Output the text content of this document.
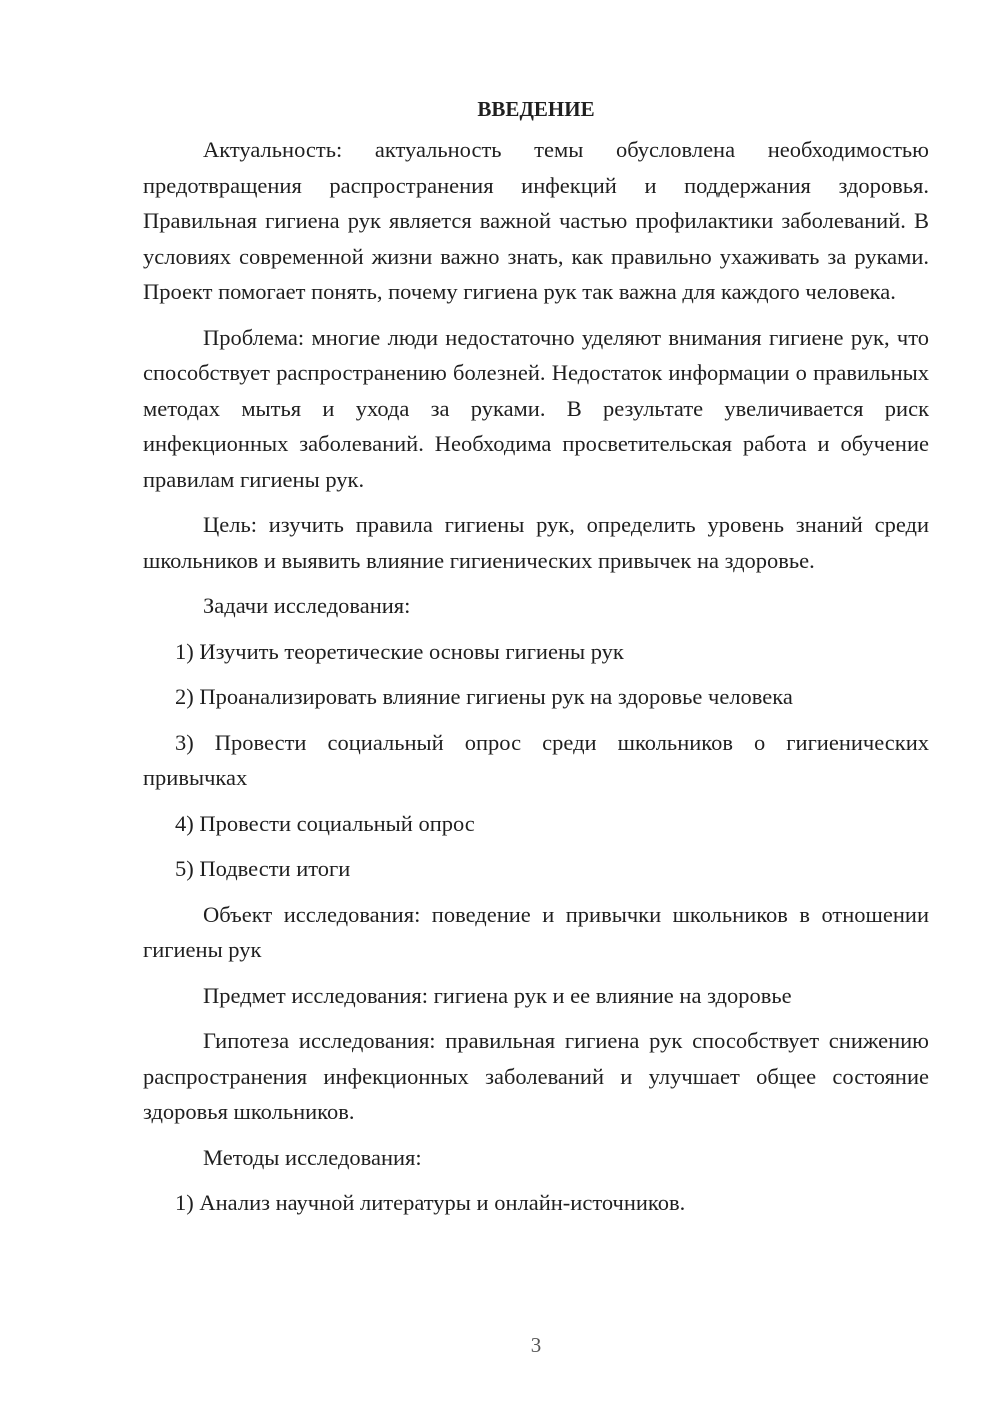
ВВЕДЕНИЕ
Актуальность: актуальность темы обусловлена необходимостью предотвращения распространения инфекций и поддержания здоровья. Правильная гигиена рук является важной частью профилактики заболеваний. В условиях современной жизни важно знать, как правильно ухаживать за руками. Проект помогает понять, почему гигиена рук так важна для каждого человека.
Проблема: многие люди недостаточно уделяют внимания гигиене рук, что способствует распространению болезней. Недостаток информации о правильных методах мытья и ухода за руками. В результате увеличивается риск инфекционных заболеваний. Необходима просветительская работа и обучение правилам гигиены рук.
Цель: изучить правила гигиены рук, определить уровень знаний среди школьников и выявить влияние гигиенических привычек на здоровье.
Задачи исследования:
1) Изучить теоретические основы гигиены рук
2) Проанализировать влияние гигиены рук на здоровье человека
3) Провести социальный опрос среди школьников о гигиенических привычках
4) Провести социальный опрос
5) Подвести итоги
Объект исследования: поведение и привычки школьников в отношении гигиены рук
Предмет исследования: гигиена рук и ее влияние на здоровье
Гипотеза исследования: правильная гигиена рук способствует снижению распространения инфекционных заболеваний и улучшает общее состояние здоровья школьников.
Методы исследования:
1) Анализ научной литературы и онлайн-источников.
3
